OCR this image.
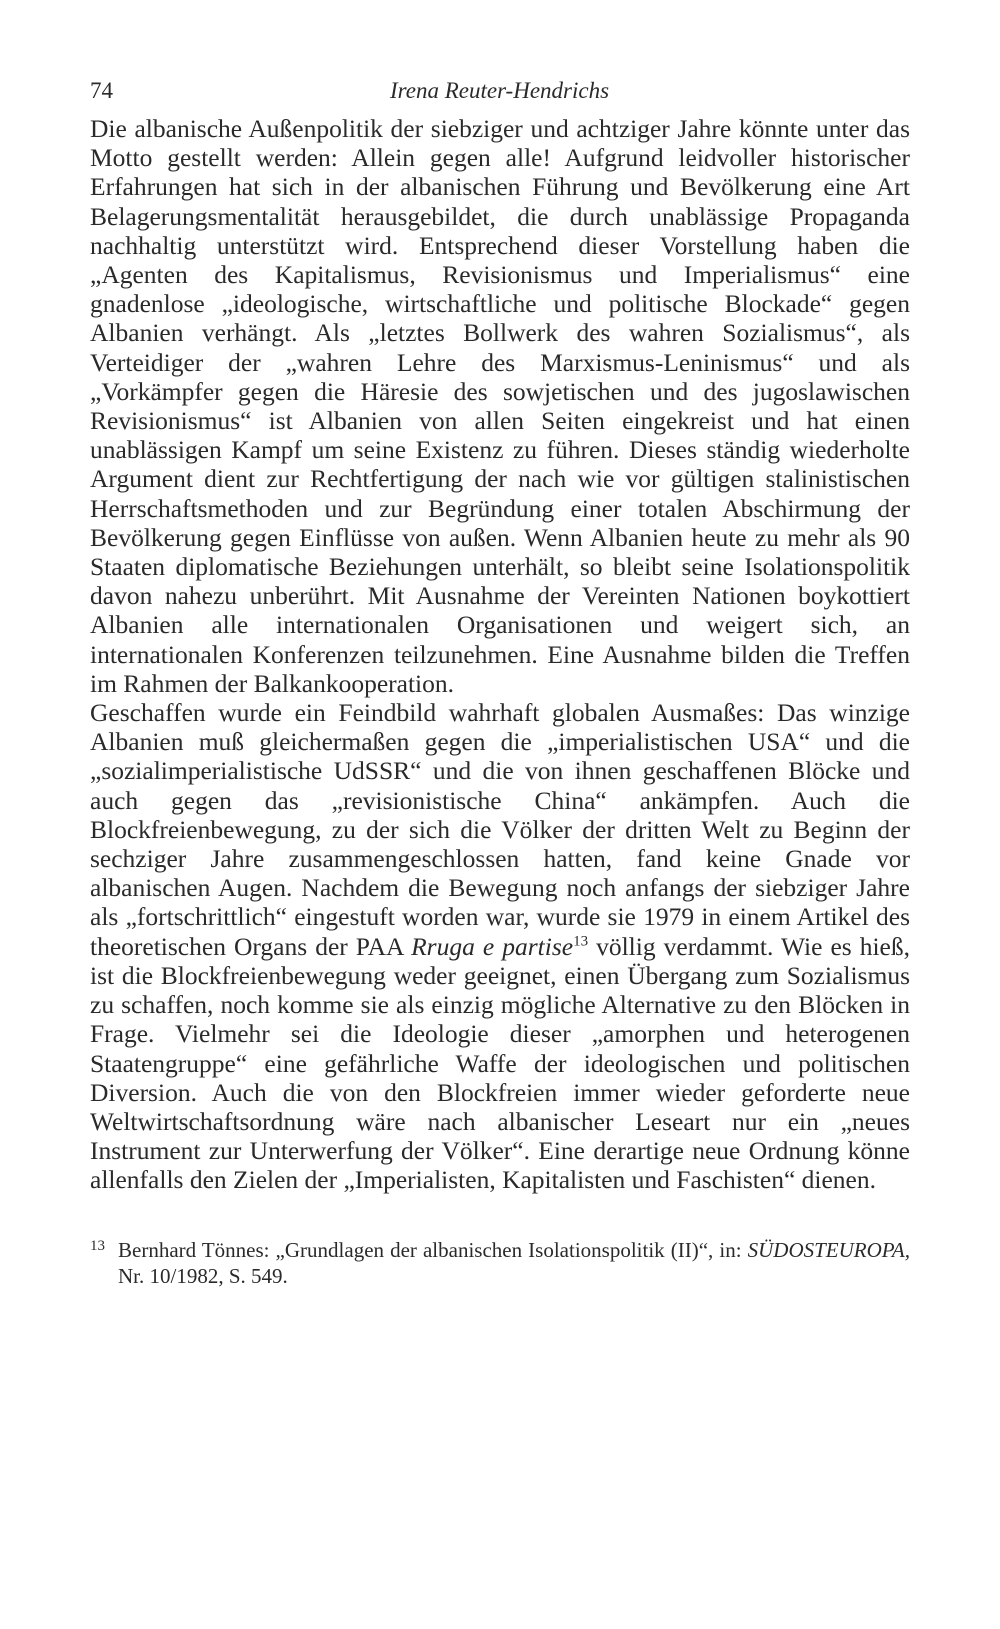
74	Irena Reuter-Hendrichs

Die albanische Außenpolitik der siebziger und achtziger Jahre könnte unter das Motto gestellt werden: Allein gegen alle! Aufgrund leidvoller historischer Erfahrungen hat sich in der albanischen Führung und Bevölkerung eine Art Belagerungsmentalität herausgebildet, die durch unablässige Propaganda nachhaltig unterstützt wird. Entsprechend dieser Vorstellung haben die „Agenten des Kapitalismus, Revisionismus und Imperialismus“ eine gnadenlose „ideologische, wirtschaftliche und politische Blockade“ gegen Albanien verhängt. Als „letztes Bollwerk des wahren Sozialismus“, als Verteidiger der „wahren Lehre des Marxismus-Leninismus“ und als „Vorkämpfer gegen die Häresie des sowjetischen und des jugoslawischen Revisionismus“ ist Albanien von allen Seiten eingekreist und hat einen unablässigen Kampf um seine Existenz zu führen. Dieses ständig wiederholte Argument dient zur Rechtfertigung der nach wie vor gültigen stalinistischen Herrschaftsmethoden und zur Begründung einer totalen Abschirmung der Bevölkerung gegen Einflüsse von außen. Wenn Albanien heute zu mehr als 90 Staaten diplomatische Beziehungen unterhält, so bleibt seine Isolationspolitik davon nahezu unberührt. Mit Ausnahme der Vereinten Nationen boykottiert Albanien alle internationalen Organisationen und weigert sich, an internationalen Konferenzen teilzunehmen. Eine Ausnahme bilden die Treffen im Rahmen der Balkankooperation.

Geschaffen wurde ein Feindbild wahrhaft globalen Ausmaßes: Das winzige Albanien muß gleichermaßen gegen die „imperialistischen USA“ und die „sozialimperialistische UdSSR“ und die von ihnen geschaffenen Blöcke und auch gegen das „revisionistische China“ ankämpfen. Auch die Blockfreienbewegung, zu der sich die Völker der dritten Welt zu Beginn der sechziger Jahre zusammengeschlossen hatten, fand keine Gnade vor albanischen Augen. Nachdem die Bewegung noch anfangs der siebziger Jahre als „fortschrittlich“ eingestuft worden war, wurde sie 1979 in einem Artikel des theoretischen Organs der PAA Rruga e partise$^{13}$ völlig verdammt. Wie es hieß, ist die Blockfreienbewegung weder geeignet, einen Übergang zum Sozialismus zu schaffen, noch komme sie als einzig mögliche Alternative zu den Blöcken in Frage. Vielmehr sei die Ideologie dieser „amorphen und heterogenen Staatengruppe“ eine gefährliche Waffe der ideologischen und politischen Diversion. Auch die von den Blockfreien immer wieder geforderte neue Weltwirtschaftsordnung wäre nach albanischer Leseart nur ein „neues Instrument zur Unterwerfung der Völker“. Eine derartige neue Ordnung könne allenfalls den Zielen der „Imperialisten, Kapitalisten und Faschisten“ dienen.

13 Bernhard Tönnes: „Grundlagen der albanischen Isolationspolitik (II)“, in: SÜDOSTEUROPA, Nr. 10/1982, S. 549.
